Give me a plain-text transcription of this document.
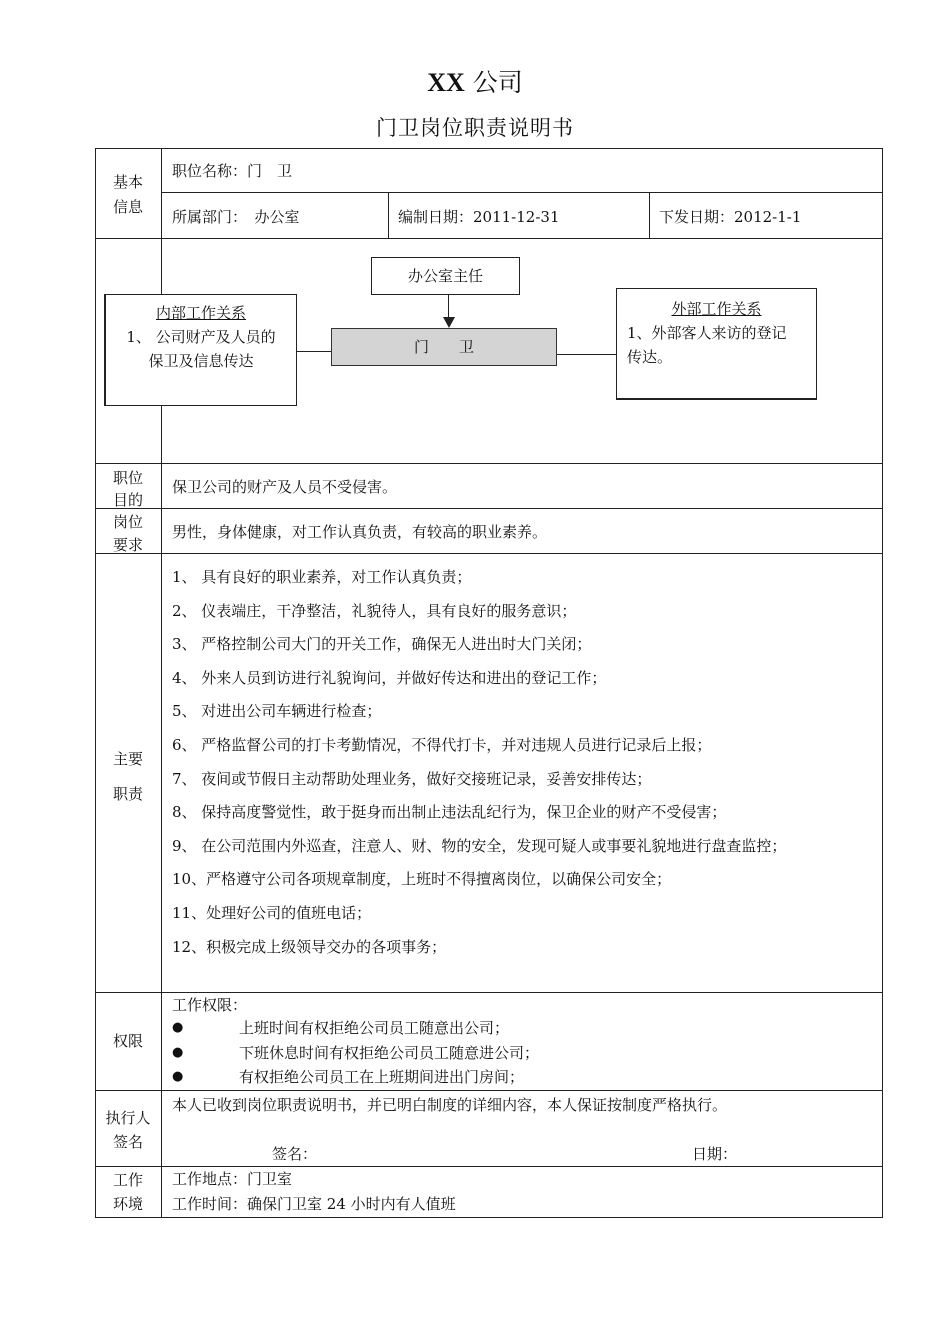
XX 公司
门卫岗位职责说明书
基本
信息
职位名称：门　卫
所属部门：　办公室	编制日期：2011-12-31	下发日期：2012-1-1
办公室主任
门　　卫
内部工作关系
1、 公司财产及人员的
保卫及信息传达
外部工作关系
1、外部客人来访的登记
传达。
职位
目的
保卫公司的财产及人员不受侵害。
岗位
要求
男性，身体健康，对工作认真负责，有较高的职业素养。
主要
职责
1、 具有良好的职业素养，对工作认真负责；
2、 仪表端庄，干净整洁，礼貌待人，具有良好的服务意识；
3、 严格控制公司大门的开关工作，确保无人进出时大门关闭；
4、 外来人员到访进行礼貌询问，并做好传达和进出的登记工作；
5、 对进出公司车辆进行检查；
6、 严格监督公司的打卡考勤情况，不得代打卡，并对违规人员进行记录后上报；
7、 夜间或节假日主动帮助处理业务，做好交接班记录，妥善安排传达；
8、 保持高度警觉性，敢于挺身而出制止违法乱纪行为，保卫企业的财产不受侵害；
9、 在公司范围内外巡查，注意人、财、物的安全，发现可疑人或事要礼貌地进行盘查监控；
10、严格遵守公司各项规章制度，上班时不得擅离岗位，以确保公司安全；
11、处理好公司的值班电话；
12、积极完成上级领导交办的各项事务；
权限
工作权限：
●	上班时间有权拒绝公司员工随意出公司；
●	下班休息时间有权拒绝公司员工随意进公司；
●	有权拒绝公司员工在上班期间进出门房间；
执行人
签名
本人已收到岗位职责说明书，并已明白制度的详细内容，本人保证按制度严格执行。
签名：	日期：
工作
环境
工作地点：门卫室
工作时间：确保门卫室 24 小时内有人值班
